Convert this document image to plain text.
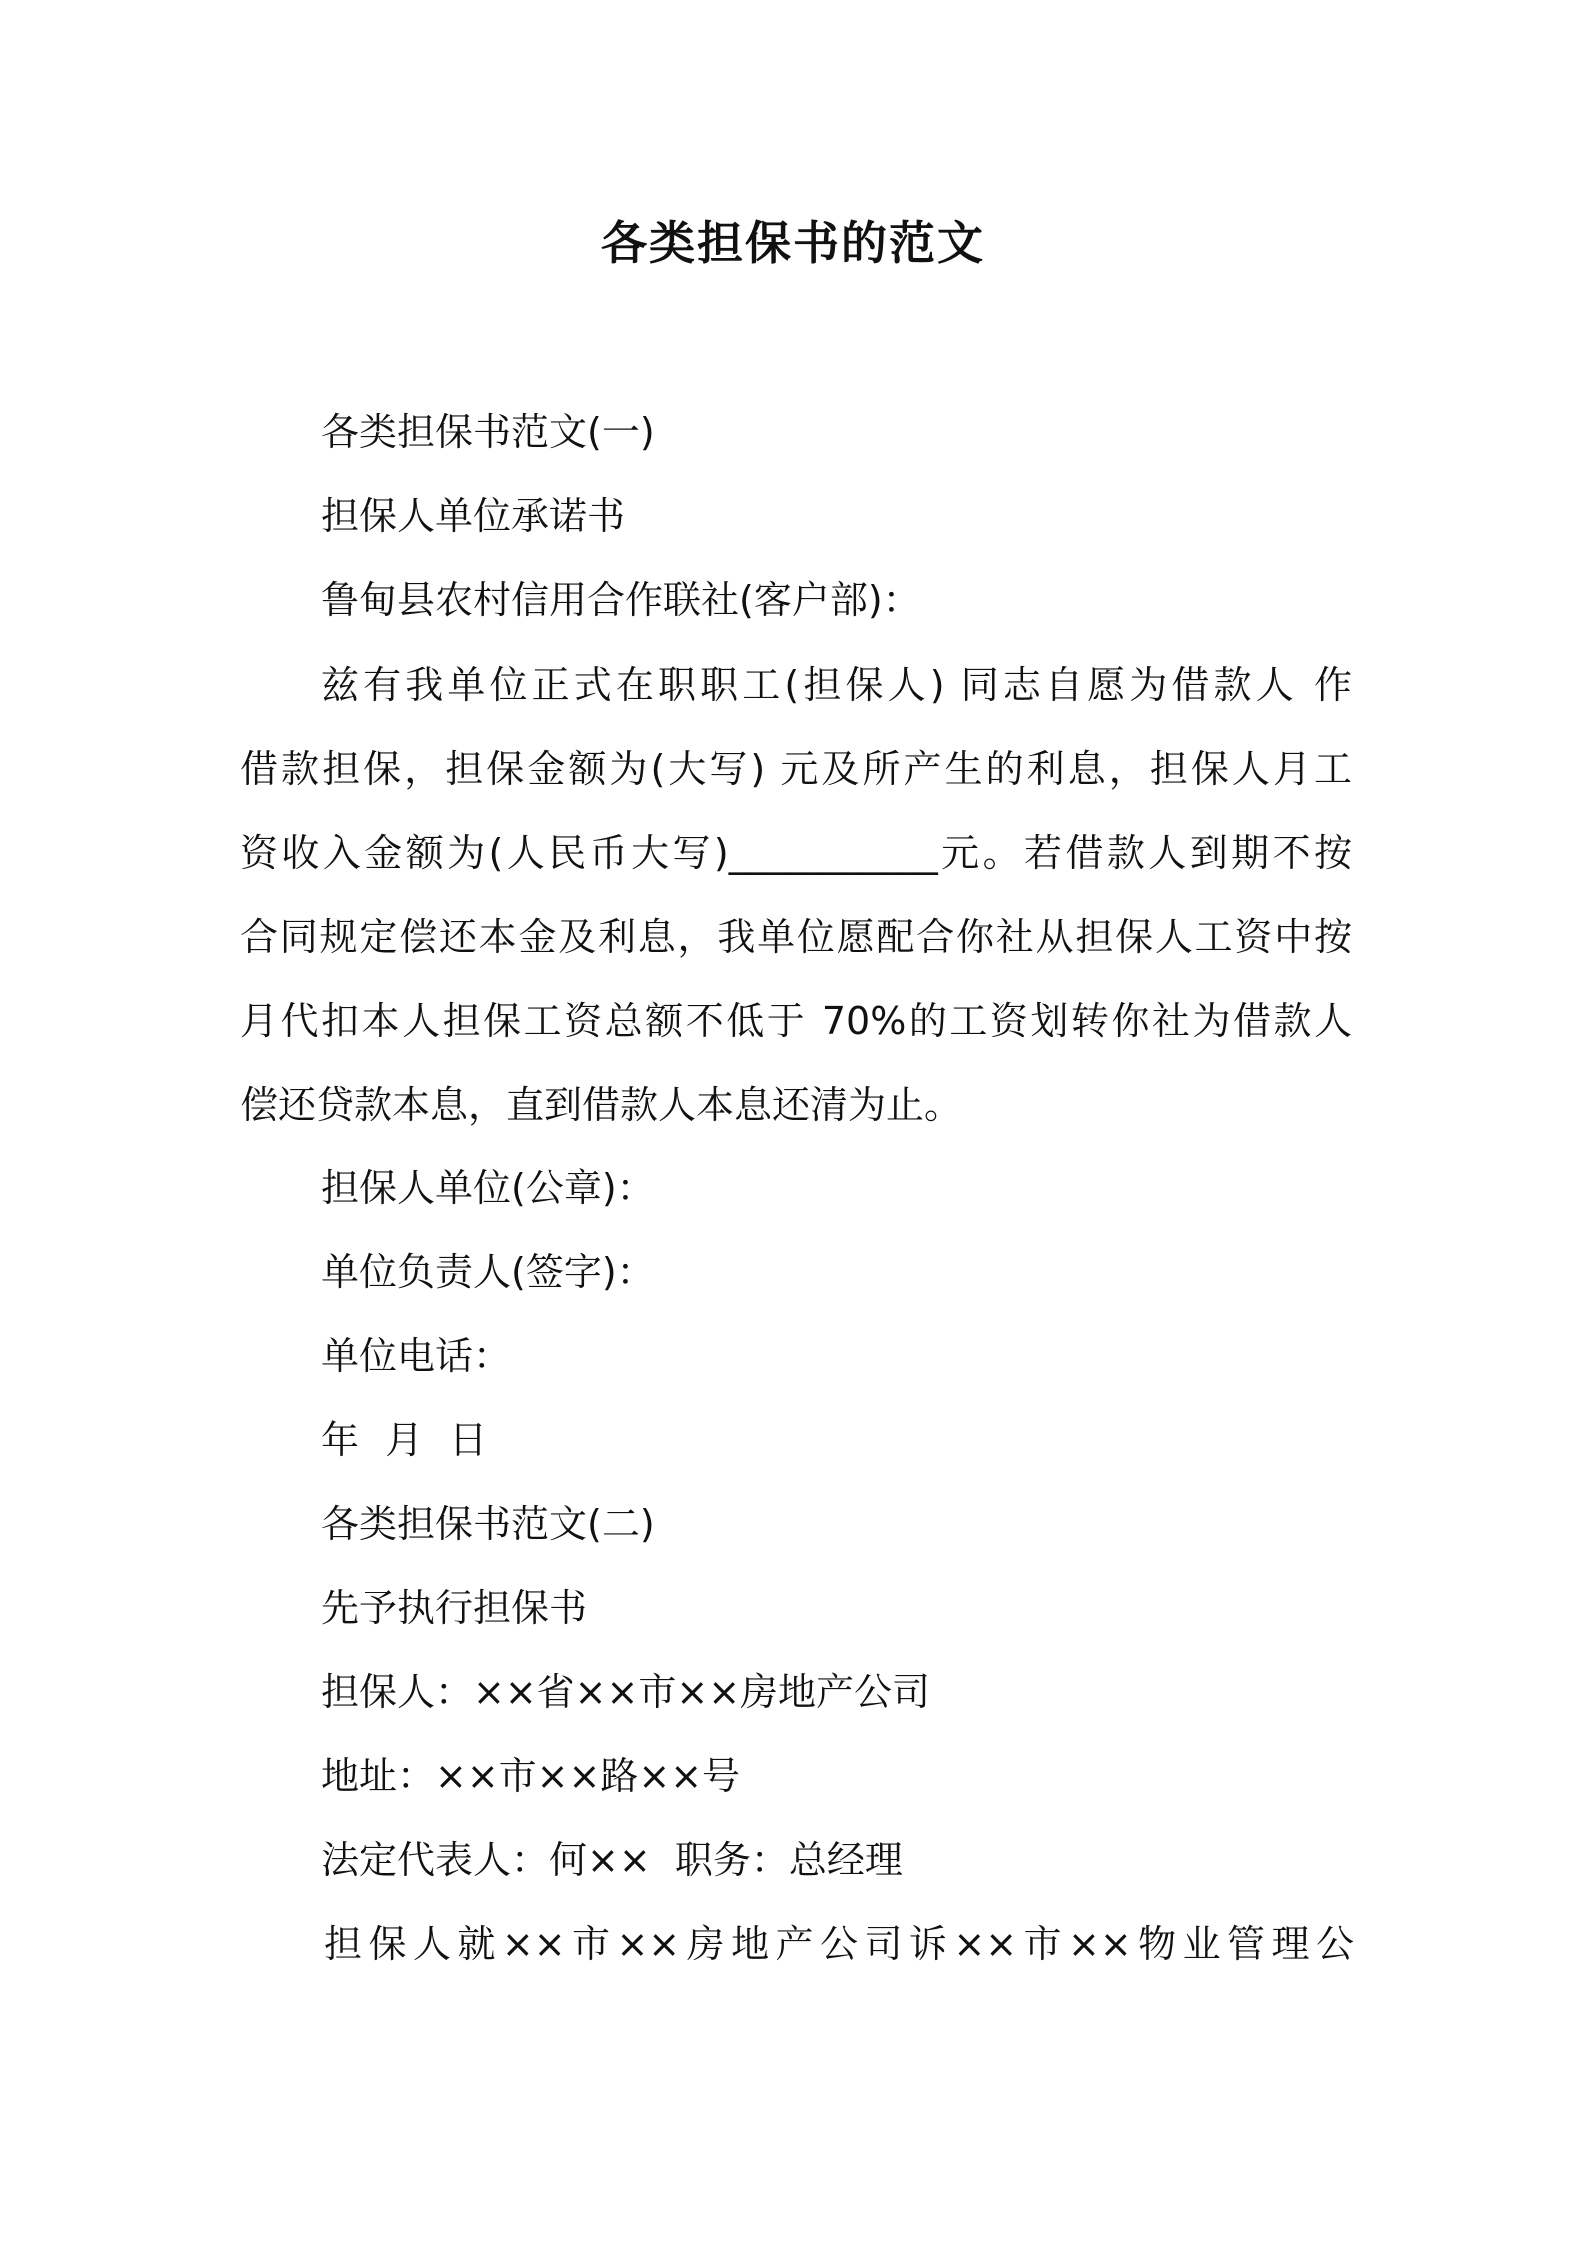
各类担保书的范文
各类担保书范文(一)
担保人单位承诺书
鲁甸县农村信用合作联社(客户部)：
兹有我单位正式在职职工(担保人) 同志自愿为借款人 作
借款担保，担保金额为(大写) 元及所产生的利息，担保人月工
资收入金额为(人民币大写)___________元。若借款人到期不按
合同规定偿还本金及利息，我单位愿配合你社从担保人工资中按
月代扣本人担保工资总额不低于 70%的工资划转你社为借款人
偿还贷款本息，直到借款人本息还清为止。
担保人单位(公章)：
单位负责人(签字)：
单位电话：
年 月 日
各类担保书范文(二)
先予执行担保书
担保人：××省××市××房地产公司
地址：××市××路××号
法定代表人：何××  职务：总经理
担保人就××市××房地产公司诉××市××物业管理公
